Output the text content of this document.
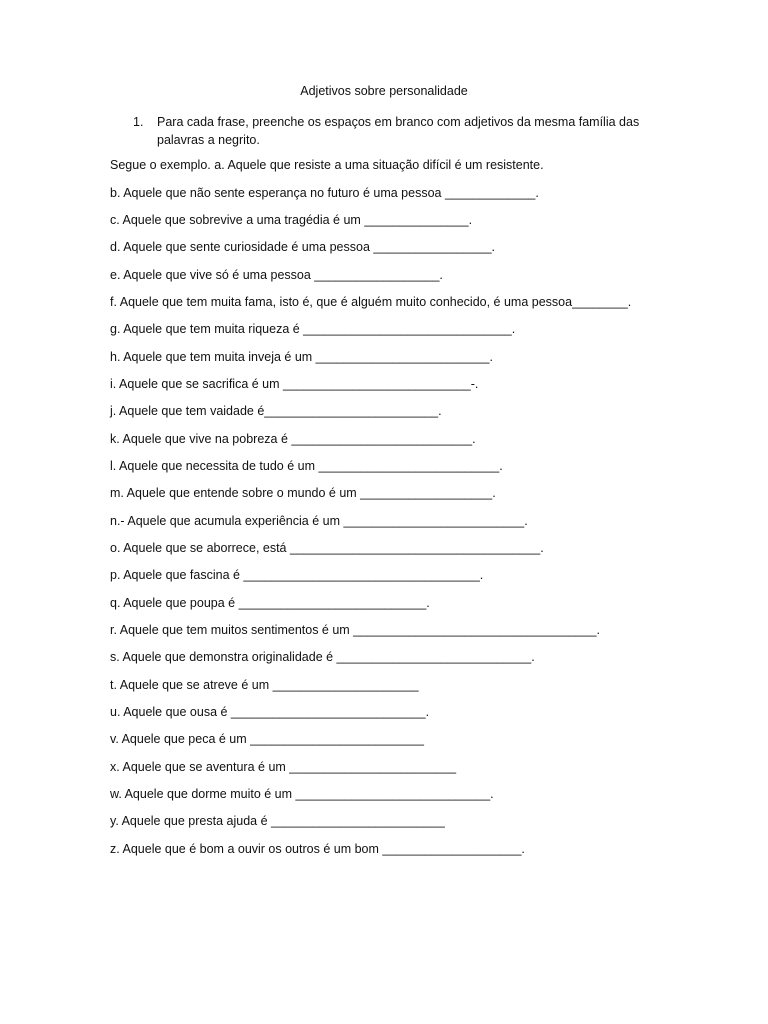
Adjetivos sobre personalidade
1. Para cada frase, preenche os espaços em branco com adjetivos da mesma família das palavras a negrito.
Segue o exemplo. a. Aquele que resiste a uma situação difícil é um resistente.
b. Aquele que não sente esperança no futuro é uma pessoa _____________.
c. Aquele que sobrevive a uma tragédia é um _______________.
d. Aquele que sente curiosidade é uma pessoa _________________.
e. Aquele que vive só é uma pessoa __________________.
f. Aquele que tem muita fama, isto é, que é alguém muito conhecido, é uma pessoa________.
g. Aquele que tem muita riqueza é ______________________________.
h. Aquele que tem muita inveja é um _________________________.
i. Aquele que se sacrifica é um ___________________________-.
j. Aquele que tem vaidade é_________________________.
k. Aquele que vive na pobreza é __________________________.
l. Aquele que necessita de tudo é um __________________________.
m. Aquele que entende sobre o mundo é um ___________________.
n.- Aquele que acumula experiência é um __________________________.
o. Aquele que se aborrece, está ____________________________________.
p. Aquele que fascina é __________________________________.
q. Aquele que poupa é ___________________________.
r. Aquele que tem muitos sentimentos é um ___________________________________.
s. Aquele que demonstra originalidade é ____________________________.
t. Aquele que se atreve é um _____________________
u. Aquele que ousa é ____________________________.
v. Aquele que peca é um _________________________
x. Aquele que se aventura é um ________________________
w. Aquele que dorme muito é um ____________________________.
y. Aquele que presta ajuda é _________________________
z. Aquele que é bom a ouvir os outros é um bom ____________________.
